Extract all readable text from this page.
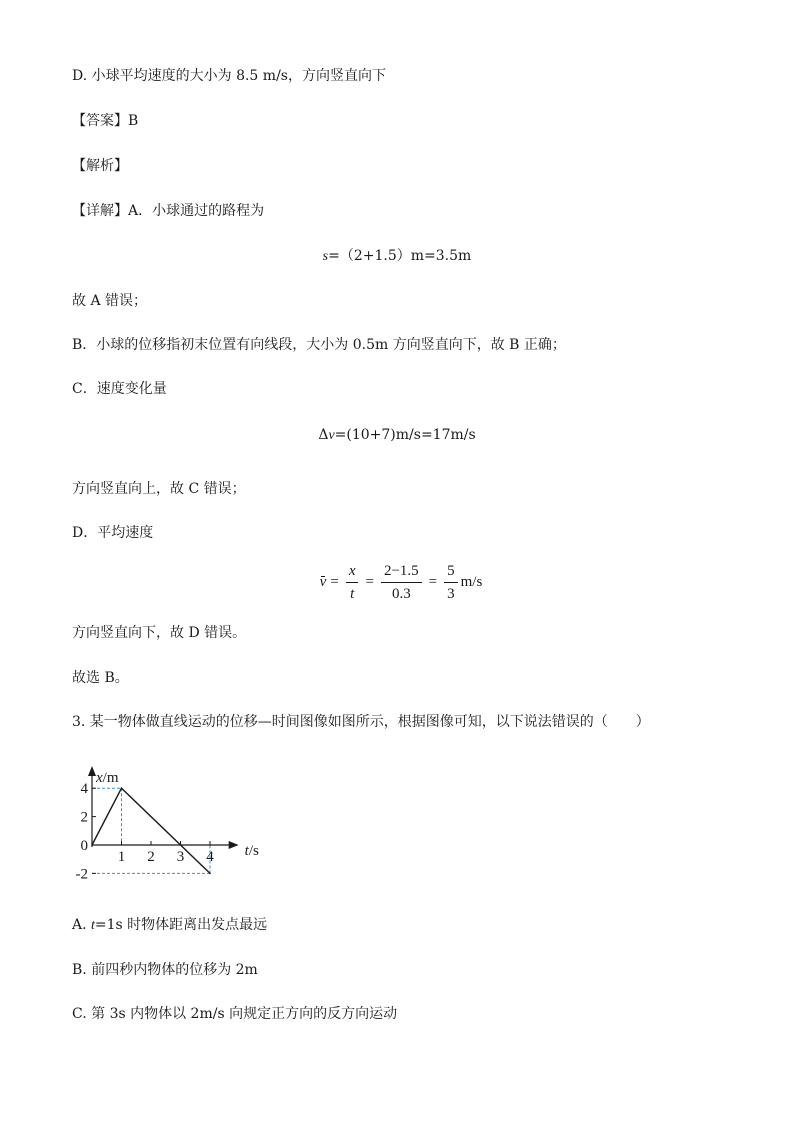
D. 小球平均速度的大小为 8.5 m/s，方向竖直向下
【答案】B
【解析】
【详解】A．小球通过的路程为
s=（2+1.5）m=3.5m
故 A 错误；
B．小球的位移指初末位置有向线段，大小为 0.5m 方向竖直向下，故 B 正确；
C．速度变化量
Δv=(10+7)m/s=17m/s
方向竖直向上，故 C 错误；
D．平均速度
$v = \frac{x}{t} = \frac{2-1.5}{0.3} = \frac{5}{3} m/s$
方向竖直向下，故 D 错误。
故选 B。
3. 某一物体做直线运动的位移—时间图像如图所示，根据图像可知，以下说法错误的（　　）
1 2 3 4
4
2
0
-2
t/s
x/m
A. t=1s 时物体距离出发点最远
B. 前四秒内物体的位移为 2m
C. 第 3s 内物体以 2m/s 向规定正方向的反方向运动
